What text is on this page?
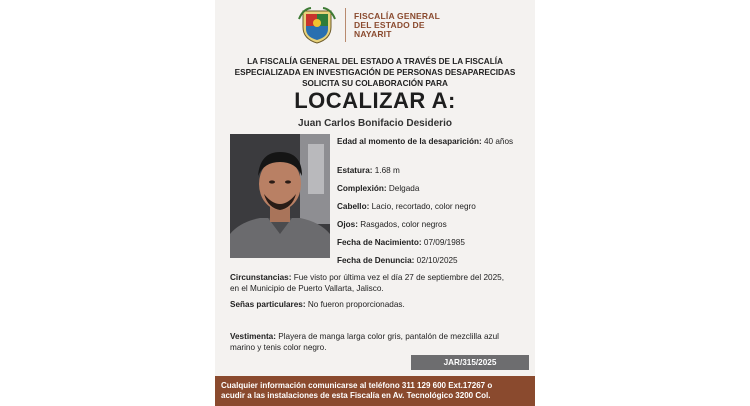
FISCALÍA GENERAL
DEL ESTADO DE
NAYARIT
LA FISCALÍA GENERAL DEL ESTADO A TRAVÉS DE LA FISCALÍA
ESPECIALIZADA EN INVESTIGACIÓN DE PERSONAS DESAPARECIDAS
SOLICITA SU COLABORACIÓN PARA
LOCALIZAR A:
Juan Carlos Bonifacio Desiderio
Edad al momento de la desaparición: 40 años
Estatura: 1.68 m
Complexión: Delgada
Cabello: Lacio, recortado, color negro
Ojos: Rasgados, color negros
Fecha de Nacimiento: 07/09/1985
Fecha de Denuncia: 02/10/2025
Circunstancias: Fue visto por última vez el día 27 de septiembre del 2025,
en el Municipio de Puerto Vallarta, Jalisco.
Señas particulares: No fueron proporcionadas.
Vestimenta: Playera de manga larga color gris, pantalón de mezclilla azul
marino y tenis color negro.
JAR/315/2025
Cualquier información comunicarse al teléfono 311 129 600 Ext.17267 o
acudir a las instalaciones de esta Fiscalía en Av. Tecnológico 3200 Col.
